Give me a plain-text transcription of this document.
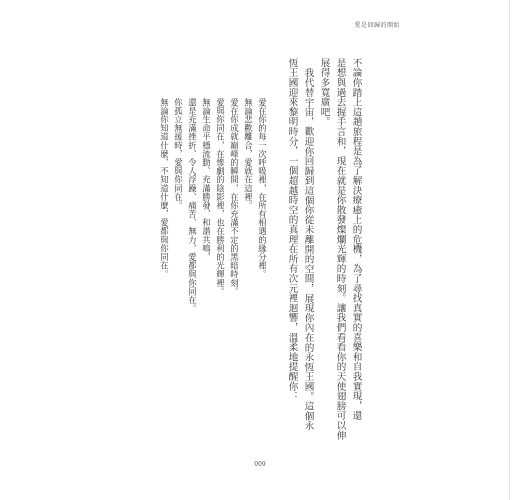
愛是回歸的開始
不論你踏上這趟旅程是為了解決療癒上的危機，為了尋找真實的喜樂和自我實現，還
是想與過去握手言和，現在就是你散發燦爛光輝的時刻。讓我們看看你的天使翅膀可以伸
展得多寬廣吧。
我代替宇宙，歡迎你回歸到這個你從未離開的空間，展現你內在的永恆王國。這個永
恆王國迎來黎明時分，一個超越時空的真理在所有次元裡迴響，溫柔地提醒你：
愛在你的每一次呼吸裡，在所有相遇的緣分裡。
無論悲歡離合，愛就在這裡。
愛在你成就巔峰的瞬間，在你充滿不定的黑暗時刻。
愛與你同在，在慘劇的陰影裡，也在勝利的光輝裡。
無論生命平穩流動、充滿勝發，和諧共鳴，
還是充滿挫折、令人浮躁、痛苦、無力，愛都與你同在。
你孤立無援時，愛與你同在。
無論你知道什麼，不知道什麼，愛都與你同在。
009
